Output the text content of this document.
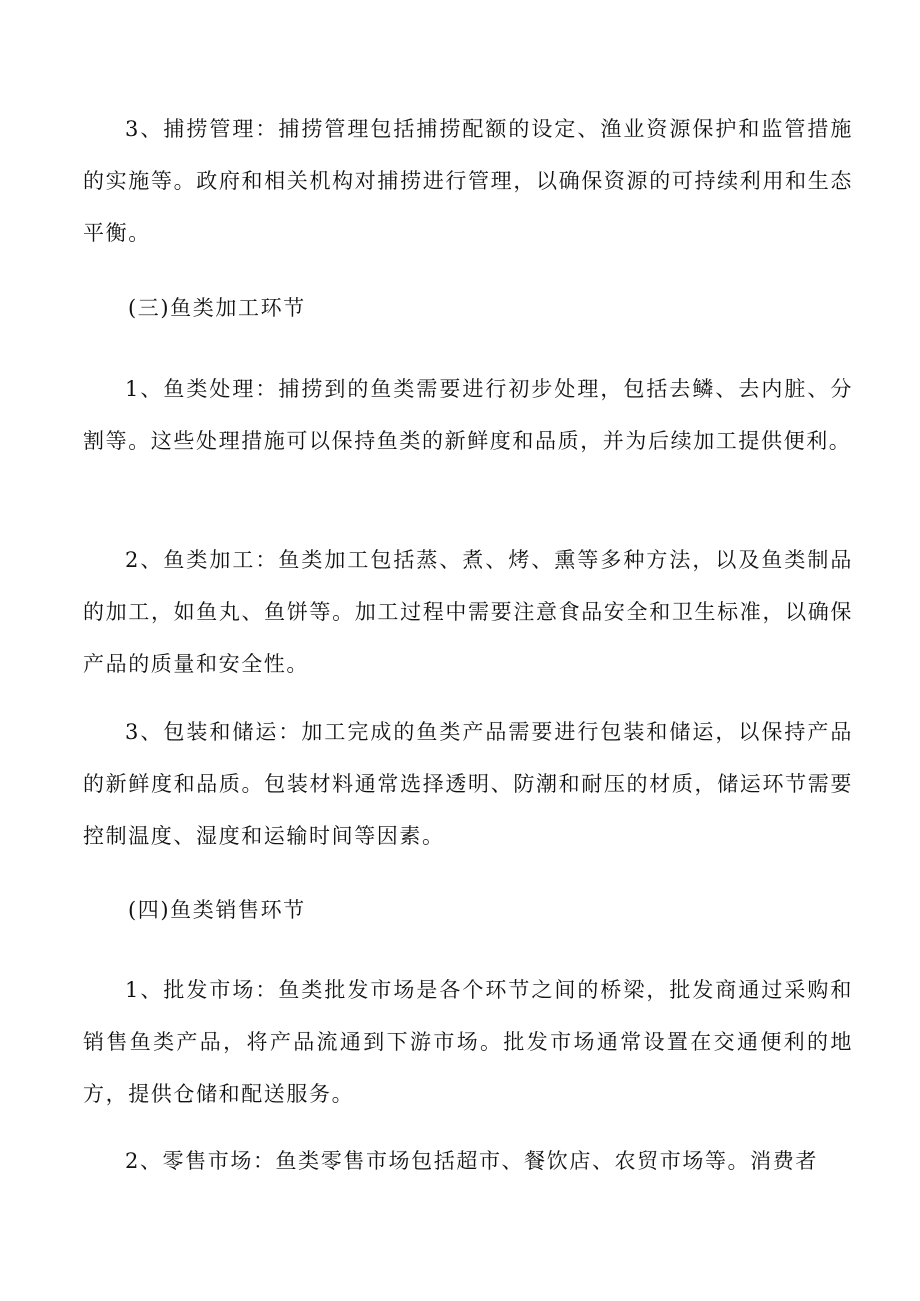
3、捕捞管理：捕捞管理包括捕捞配额的设定、渔业资源保护和监管措施的实施等。政府和相关机构对捕捞进行管理，以确保资源的可持续利用和生态平衡。

(三)鱼类加工环节

1、鱼类处理：捕捞到的鱼类需要进行初步处理，包括去鳞、去内脏、分割等。这些处理措施可以保持鱼类的新鲜度和品质，并为后续加工提供便利。

2、鱼类加工：鱼类加工包括蒸、煮、烤、熏等多种方法，以及鱼类制品的加工，如鱼丸、鱼饼等。加工过程中需要注意食品安全和卫生标准，以确保产品的质量和安全性。

3、包装和储运：加工完成的鱼类产品需要进行包装和储运，以保持产品的新鲜度和品质。包装材料通常选择透明、防潮和耐压的材质，储运环节需要控制温度、湿度和运输时间等因素。

(四)鱼类销售环节

1、批发市场：鱼类批发市场是各个环节之间的桥梁，批发商通过采购和销售鱼类产品，将产品流通到下游市场。批发市场通常设置在交通便利的地方，提供仓储和配送服务。

2、零售市场：鱼类零售市场包括超市、餐饮店、农贸市场等。消费者
